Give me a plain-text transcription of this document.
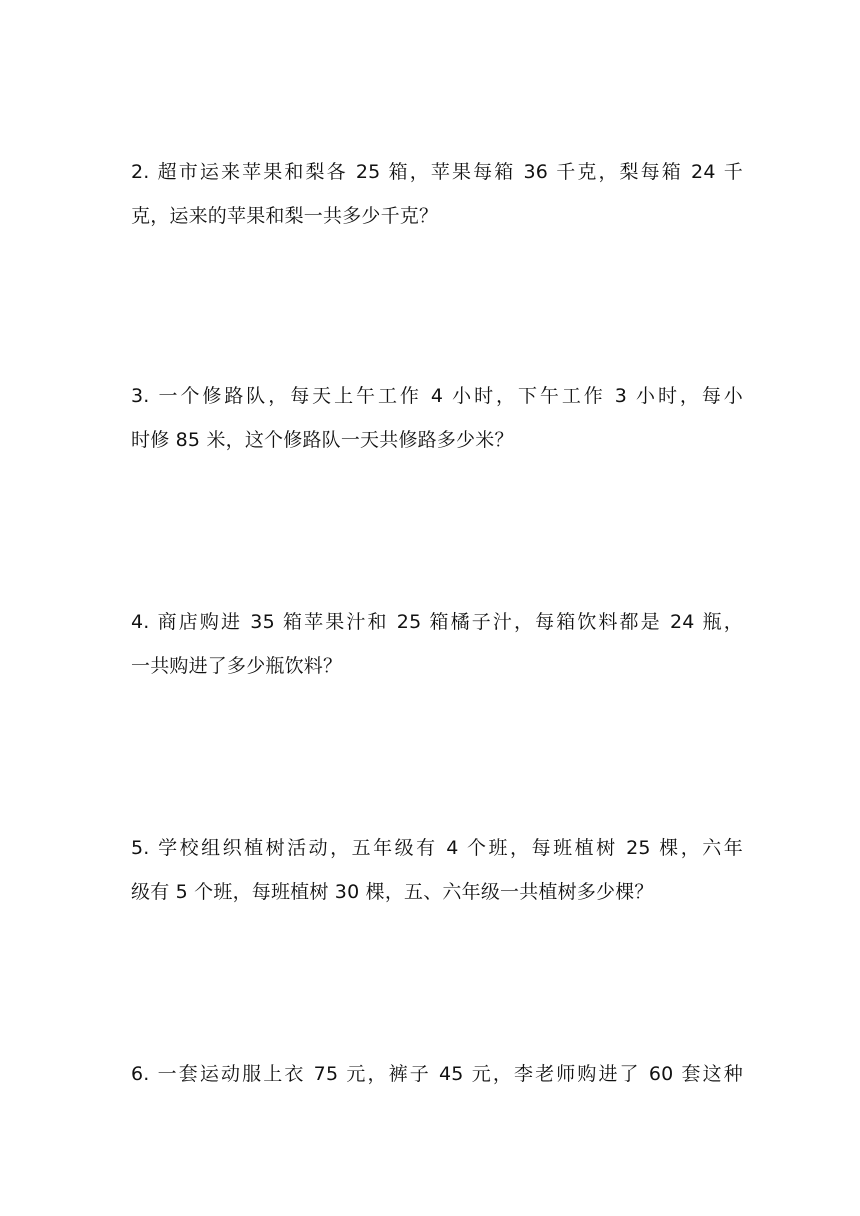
2. 超市运来苹果和梨各 25 箱，苹果每箱 36 千克，梨每箱 24 千
克，运来的苹果和梨一共多少千克？
3. 一个修路队，每天上午工作 4 小时，下午工作 3 小时，每小
时修 85 米，这个修路队一天共修路多少米？
4. 商店购进 35 箱苹果汁和 25 箱橘子汁，每箱饮料都是 24 瓶，
一共购进了多少瓶饮料？
5. 学校组织植树活动，五年级有 4 个班，每班植树 25 棵，六年
级有 5 个班，每班植树 30 棵，五、六年级一共植树多少棵？
6. 一套运动服上衣 75 元，裤子 45 元，李老师购进了 60 套这种
